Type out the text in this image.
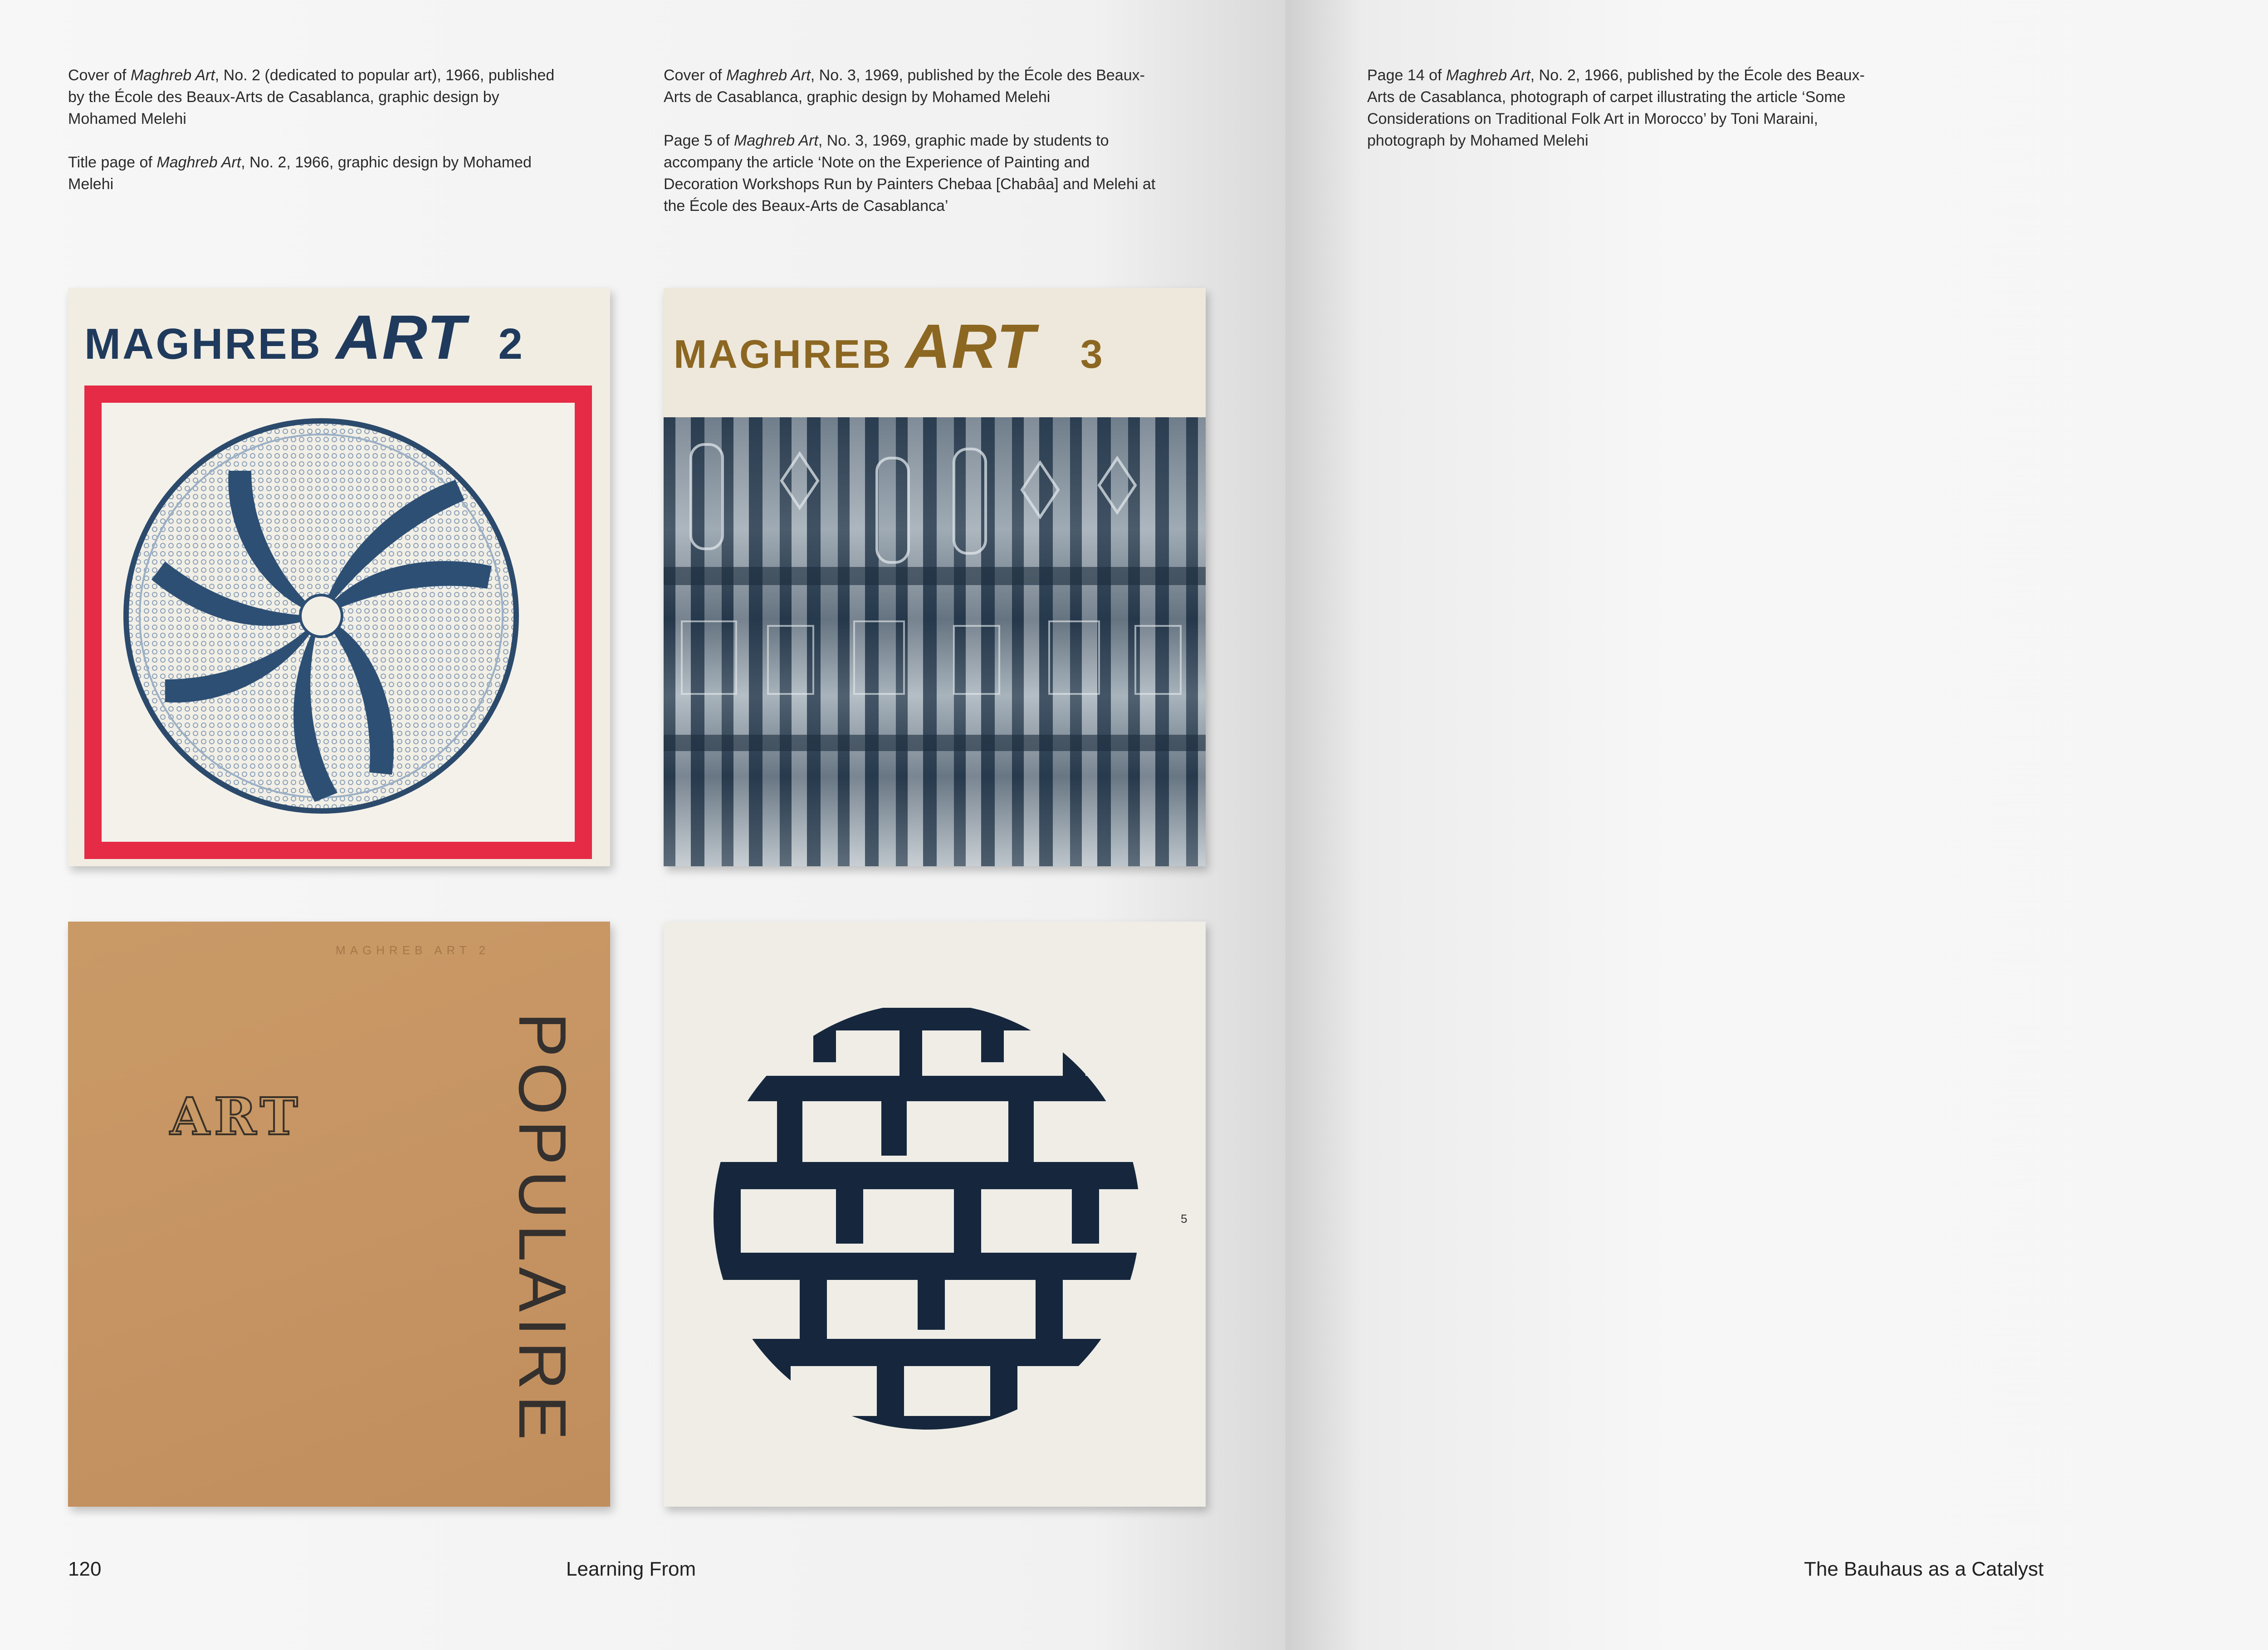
Cover of Maghreb Art, No. 2 (dedicated to popular art), 1966, published by the École des Beaux-Arts de Casablanca, graphic design by Mohamed Melehi

Title page of Maghreb Art, No. 2, 1966, graphic design by Mohamed Melehi

Cover of Maghreb Art, No. 3, 1969, published by the École des Beaux-Arts de Casablanca, graphic design by Mohamed Melehi

Page 5 of Maghreb Art, No. 3, 1969, graphic made by students to accompany the article ‘Note on the Experience of Painting and Decoration Workshops Run by Painters Chebaa [Chabâa] and Melehi at the École des Beaux-Arts de Casablanca’

MAGHREB ART 2	MAGHREB ART 3
MAGHREB ART 2
ART	POPULAIRE	5
120	Learning From

Page 14 of Maghreb Art, No. 2, 1966, published by the École des Beaux-Arts de Casablanca, photograph of carpet illustrating the article ‘Some Considerations on Traditional Folk Art in Morocco’ by Toni Maraini, photograph by Mohamed Melehi

The Bauhaus as a Catalyst
